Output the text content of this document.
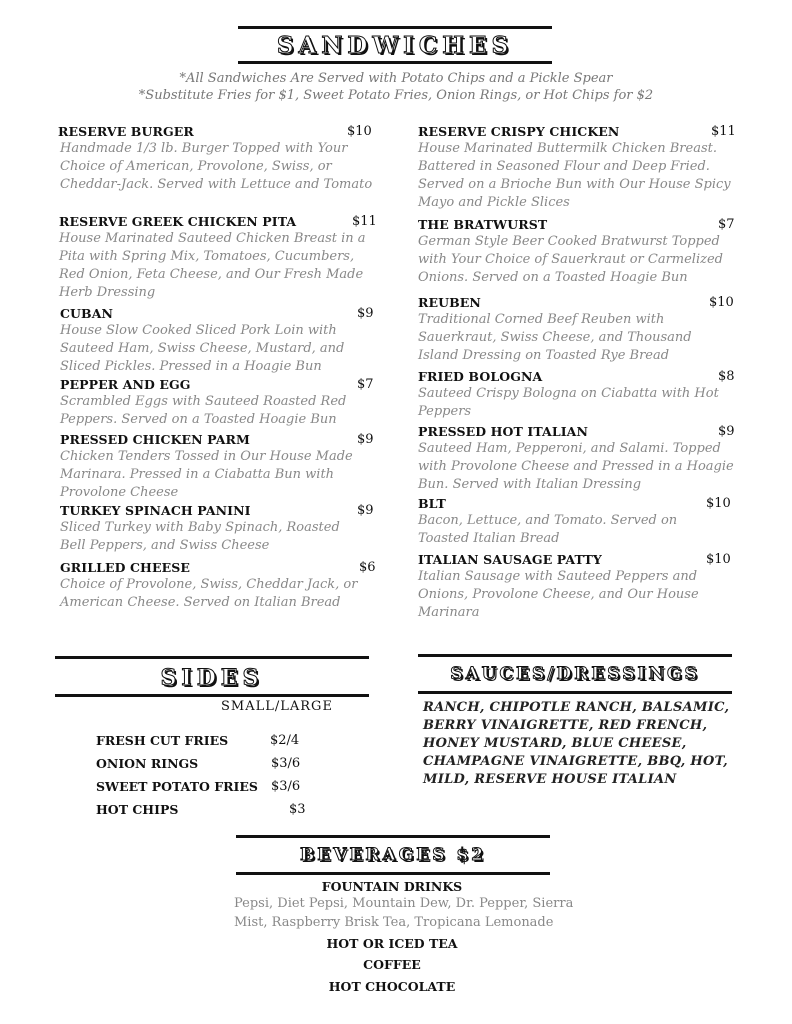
SANDWICHES
*All Sandwiches Are Served with Potato Chips and a Pickle Spear
*Substitute Fries for $1, Sweet Potato Fries, Onion Rings, or Hot Chips for $2
RESERVE BURGER	$10
Handmade 1/3 lb. Burger Topped with Your Choice of American, Provolone, Swiss, or Cheddar-Jack. Served with Lettuce and Tomato
RESERVE GREEK CHICKEN PITA	$11
House Marinated Sauteed Chicken Breast in a Pita with Spring Mix, Tomatoes, Cucumbers, Red Onion, Feta Cheese, and Our Fresh Made Herb Dressing
CUBAN	$9
House Slow Cooked Sliced Pork Loin with Sauteed Ham, Swiss Cheese, Mustard, and Sliced Pickles. Pressed in a Hoagie Bun
PEPPER AND EGG	$7
Scrambled Eggs with Sauteed Roasted Red Peppers. Served on a Toasted Hoagie Bun
PRESSED CHICKEN PARM	$9
Chicken Tenders Tossed in Our House Made Marinara. Pressed in a Ciabatta Bun with Provolone Cheese
TURKEY SPINACH PANINI	$9
Sliced Turkey with Baby Spinach, Roasted Bell Peppers, and Swiss Cheese
GRILLED CHEESE	$6
Choice of Provolone, Swiss, Cheddar Jack, or American Cheese. Served on Italian Bread
RESERVE CRISPY CHICKEN	$11
House Marinated Buttermilk Chicken Breast. Battered in Seasoned Flour and Deep Fried. Served on a Brioche Bun with Our House Spicy Mayo and Pickle Slices
THE BRATWURST	$7
German Style Beer Cooked Bratwurst Topped with Your Choice of Sauerkraut or Carmelized Onions. Served on a Toasted Hoagie Bun
REUBEN	$10
Traditional Corned Beef Reuben with Sauerkraut, Swiss Cheese, and Thousand Island Dressing on Toasted Rye Bread
FRIED BOLOGNA	$8
Sauteed Crispy Bologna on Ciabatta with Hot Peppers
PRESSED HOT ITALIAN	$9
Sauteed Ham, Pepperoni, and Salami. Topped with Provolone Cheese and Pressed in a Hoagie Bun. Served with Italian Dressing
BLT	$10
Bacon, Lettuce, and Tomato. Served on Toasted Italian Bread
ITALIAN SAUSAGE PATTY	$10
Italian Sausage with Sauteed Peppers and Onions, Provolone Cheese, and Our House Marinara
SIDES
SMALL/LARGE
FRESH CUT FRIES	$2/4
ONION RINGS	$3/6
SWEET POTATO FRIES $3/6
HOT CHIPS	$3
SAUCES/DRESSINGS
RANCH, CHIPOTLE RANCH, BALSAMIC,
BERRY VINAIGRETTE, RED FRENCH,
HONEY MUSTARD, BLUE CHEESE,
CHAMPAGNE VINAIGRETTE, BBQ, HOT,
MILD, RESERVE HOUSE ITALIAN
BEVERAGES $2
FOUNTAIN DRINKS
Pepsi, Diet Pepsi, Mountain Dew, Dr. Pepper, Sierra
Mist, Raspberry Brisk Tea, Tropicana Lemonade
HOT OR ICED TEA
COFFEE
HOT CHOCOLATE
